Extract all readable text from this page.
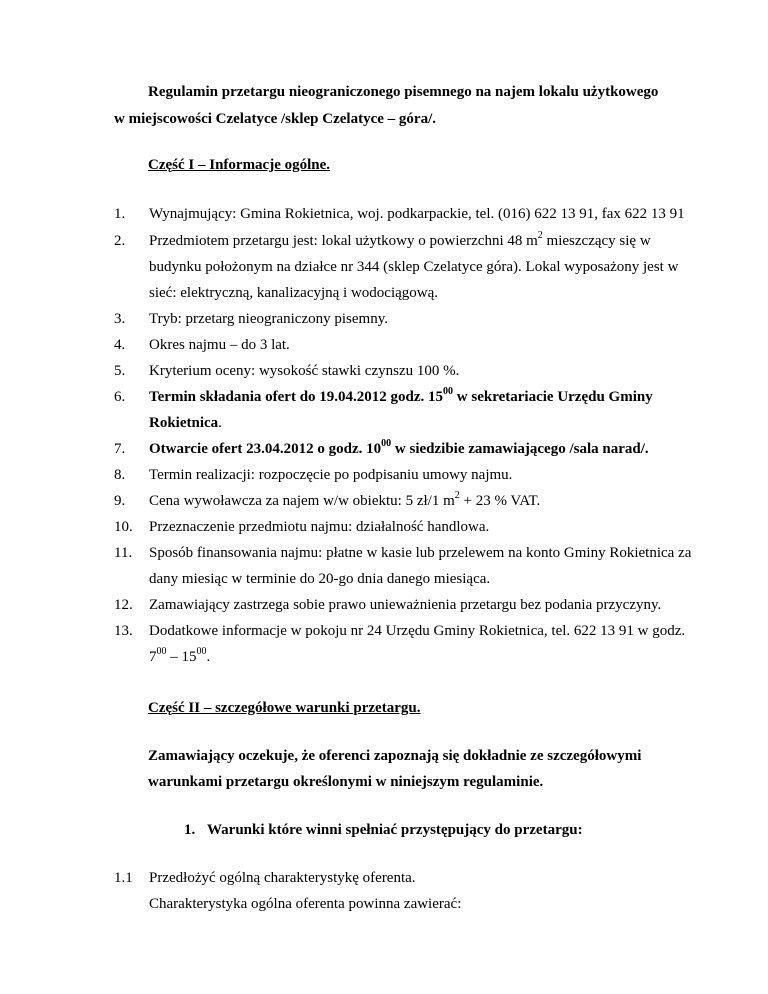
Regulamin przetargu nieograniczonego pisemnego na najem lokalu użytkowego
w miejscowości Czelatyce /sklep Czelatyce – góra/.
Część I – Informacje ogólne.
1. Wynajmujący: Gmina Rokietnica, woj. podkarpackie, tel. (016) 622 13 91, fax 622 13 91
2. Przedmiotem przetargu jest: lokal użytkowy o powierzchni 48 $m^2$ mieszczący się w
budynku położonym na działce nr 344 (sklep Czelatyce góra). Lokal wyposażony jest w
sieć: elektryczną, kanalizacyjną i wodociągową.
3. Tryb: przetarg nieograniczony pisemny.
4. Okres najmu – do 3 lat.
5. Kryterium oceny: wysokość stawki czynszu 100 %.
6. Termin składania ofert do 19.04.2012 godz. $15^{00}$ w sekretariacie Urzędu Gminy
Rokietnica.
7. Otwarcie ofert 23.04.2012 o godz. $10^{00}$ w siedzibie zamawiającego /sala narad/.
8. Termin realizacji: rozpoczęcie po podpisaniu umowy najmu.
9. Cena wywoławcza za najem w/w obiektu: 5 zł/1 $m^2 + 23$ % VAT.
10. Przeznaczenie przedmiotu najmu: działalność handlowa.
11. Sposób finansowania najmu: płatne w kasie lub przelewem na konto Gminy Rokietnica za
dany miesiąc w terminie do 20-go dnia danego miesiąca.
12. Zamawiający zastrzega sobie prawo unieważnienia przetargu bez podania przyczyny.
13. Dodatkowe informacje w pokoju nr 24 Urzędu Gminy Rokietnica, tel. 622 13 91 w godz.
$7^{00} - 15^{00}$.
Część II – szczegółowe warunki przetargu.
Zamawiający oczekuje, że oferenci zapoznają się dokładnie ze szczegółowymi
warunkami przetargu określonymi w niniejszym regulaminie.
1. Warunki które winni spełniać przystępujący do przetargu:
1.1 Przedłożyć ogólną charakterystykę oferenta.
Charakterystyka ogólna oferenta powinna zawierać:
